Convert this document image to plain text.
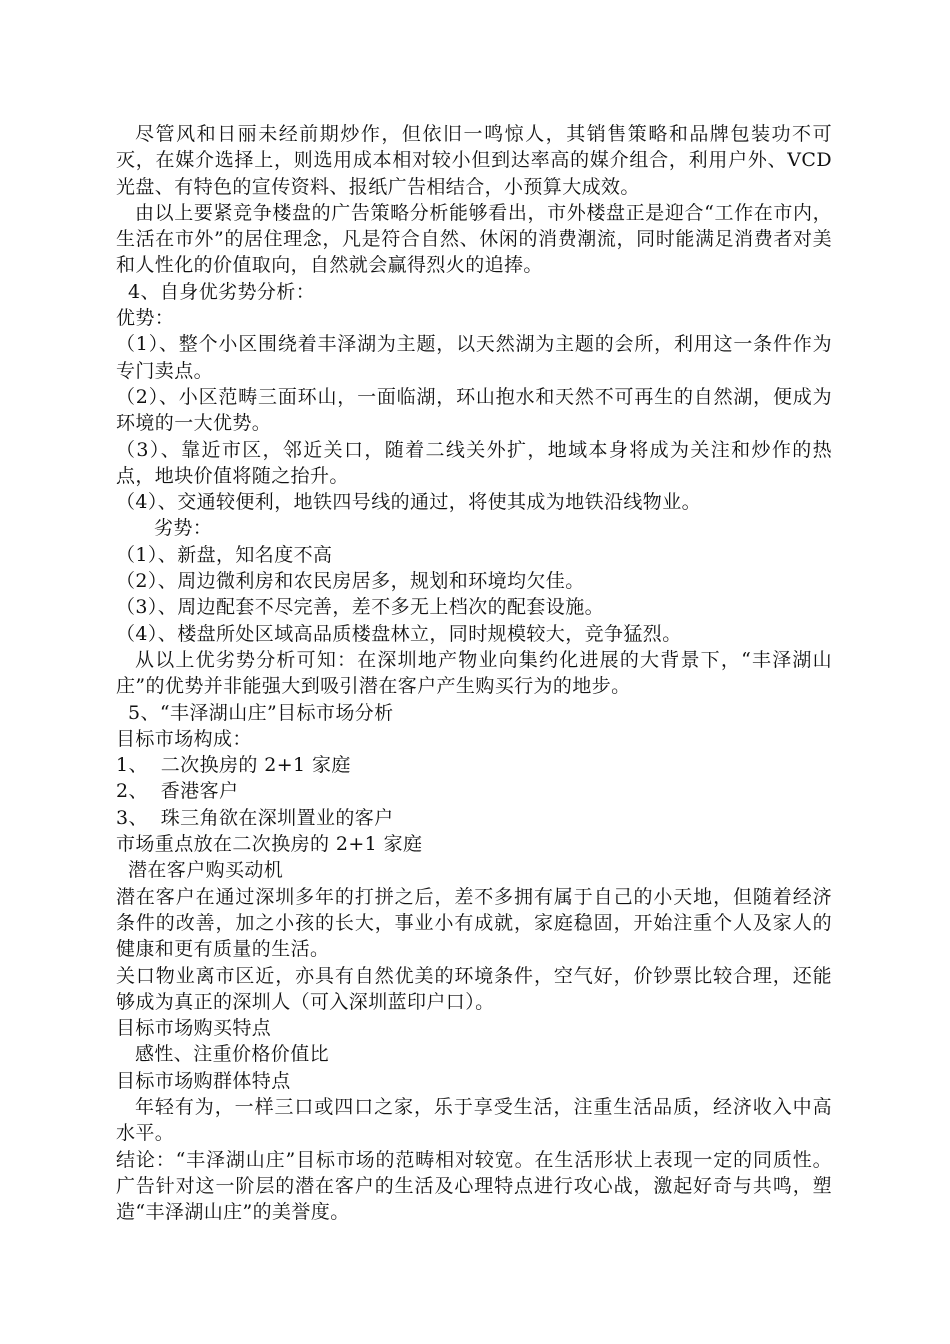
尽管风和日丽未经前期炒作，但依旧一鸣惊人，其销售策略和品牌包装功不可灭，在媒介选择上，则选用成本相对较小但到达率高的媒介组合，利用户外、VCD 光盘、有特色的宣传资料、报纸广告相结合，小预算大成效。

由以上要紧竞争楼盘的广告策略分析能够看出，市外楼盘正是迎合“工作在市内，生活在市外”的居住理念，凡是符合自然、休闲的消费潮流，同时能满足消费者对美和人性化的价值取向，自然就会赢得烈火的追捧。

4、自身优劣势分析：

优势：

（1）、整个小区围绕着丰泽湖为主题，以天然湖为主题的会所，利用这一条件作为专门卖点。

（2）、小区范畴三面环山，一面临湖，环山抱水和天然不可再生的自然湖，便成为环境的一大优势。

（3）、靠近市区，邻近关口，随着二线关外扩，地域本身将成为关注和炒作的热点，地块价值将随之抬升。

（4）、交通较便利，地铁四号线的通过，将使其成为地铁沿线物业。

劣势：

（1）、新盘，知名度不高

（2）、周边微利房和农民房居多，规划和环境均欠佳。

（3）、周边配套不尽完善，差不多无上档次的配套设施。

（4）、楼盘所处区域高品质楼盘林立，同时规模较大，竞争猛烈。

从以上优劣势分析可知：在深圳地产物业向集约化进展的大背景下，“丰泽湖山庄”的优势并非能强大到吸引潜在客户产生购买行为的地步。

5、“丰泽湖山庄”目标市场分析

目标市场构成：

1、  二次换房的 2+1 家庭

2、  香港客户

3、  珠三角欲在深圳置业的客户

市场重点放在二次换房的 2+1 家庭

潜在客户购买动机

潜在客户在通过深圳多年的打拼之后，差不多拥有属于自己的小天地，但随着经济条件的改善，加之小孩的长大，事业小有成就，家庭稳固，开始注重个人及家人的健康和更有质量的生活。

关口物业离市区近，亦具有自然优美的环境条件，空气好，价钞票比较合理，还能够成为真正的深圳人（可入深圳蓝印户口）。

目标市场购买特点

感性、注重价格价值比

目标市场购群体特点

年轻有为，一样三口或四口之家，乐于享受生活，注重生活品质，经济收入中高水平。

结论：“丰泽湖山庄”目标市场的范畴相对较宽。在生活形状上表现一定的同质性。广告针对这一阶层的潜在客户的生活及心理特点进行攻心战，激起好奇与共鸣，塑造“丰泽湖山庄”的美誉度。
